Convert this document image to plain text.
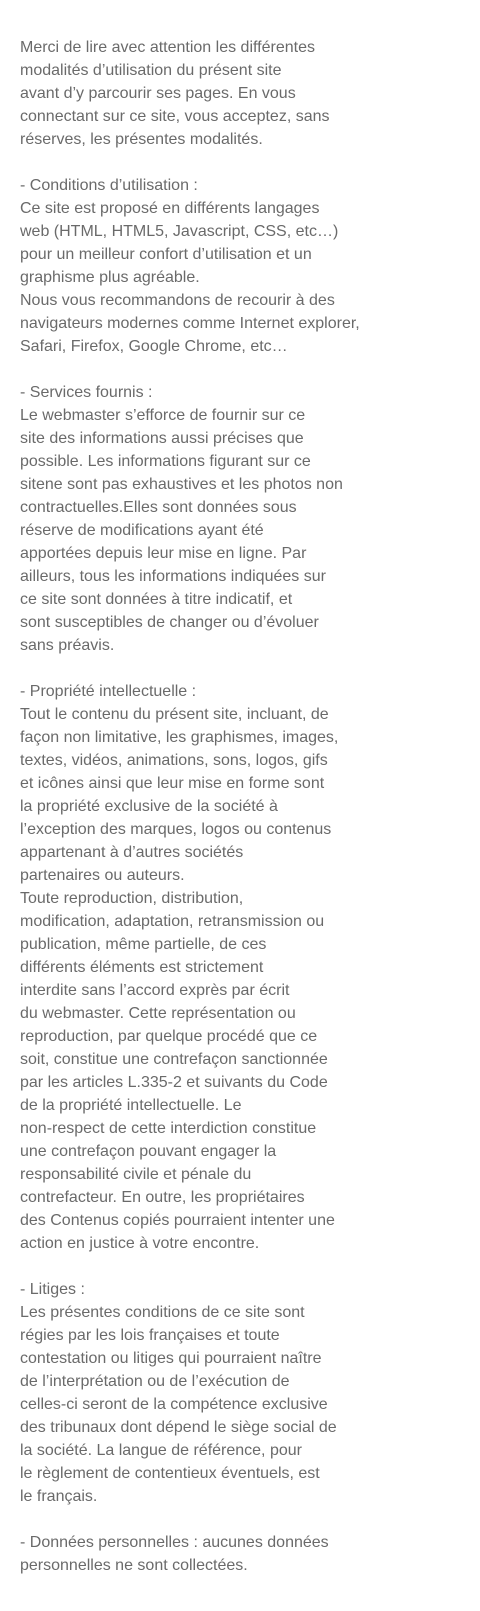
Merci de lire avec attention les différentes
modalités d’utilisation du présent site
avant d’y parcourir ses pages. En vous
connectant sur ce site, vous acceptez, sans
réserves, les présentes modalités.
- Conditions d’utilisation :
Ce site est proposé en différents langages
web (HTML, HTML5, Javascript, CSS, etc…)
pour un meilleur confort d’utilisation et un
graphisme plus agréable.
Nous vous recommandons de recourir à des
navigateurs modernes comme Internet explorer,
Safari, Firefox, Google Chrome, etc…
- Services fournis :
Le webmaster s’efforce de fournir sur ce
site des informations aussi précises que
possible. Les informations figurant sur ce
sitene sont pas exhaustives et les photos non
contractuelles.Elles sont données sous
réserve de modifications ayant été
apportées depuis leur mise en ligne. Par
ailleurs, tous les informations indiquées sur
ce site sont données à titre indicatif, et
sont susceptibles de changer ou d’évoluer
sans préavis.
- Propriété intellectuelle :
Tout le contenu du présent site, incluant, de
façon non limitative, les graphismes, images,
textes, vidéos, animations, sons, logos, gifs
et icônes ainsi que leur mise en forme sont
la propriété exclusive de la société à
l’exception des marques, logos ou contenus
appartenant à d’autres sociétés
partenaires ou auteurs.
Toute reproduction, distribution,
modification, adaptation, retransmission ou
publication, même partielle, de ces
différents éléments est strictement
interdite sans l’accord exprès par écrit
du webmaster. Cette représentation ou
reproduction, par quelque procédé que ce
soit, constitue une contrefaçon sanctionnée
par les articles L.335-2 et suivants du Code
de la propriété intellectuelle. Le
non-respect de cette interdiction constitue
une contrefaçon pouvant engager la
responsabilité civile et pénale du
contrefacteur. En outre, les propriétaires
des Contenus copiés pourraient intenter une
action en justice à votre encontre.
- Litiges :
Les présentes conditions de ce site sont
régies par les lois françaises et toute
contestation ou litiges qui pourraient naître
de l’interprétation ou de l’exécution de
celles-ci seront de la compétence exclusive
des tribunaux dont dépend le siège social de
la société. La langue de référence, pour
le règlement de contentieux éventuels, est
le français.
- Données personnelles : aucunes données
personnelles ne sont collectées.
